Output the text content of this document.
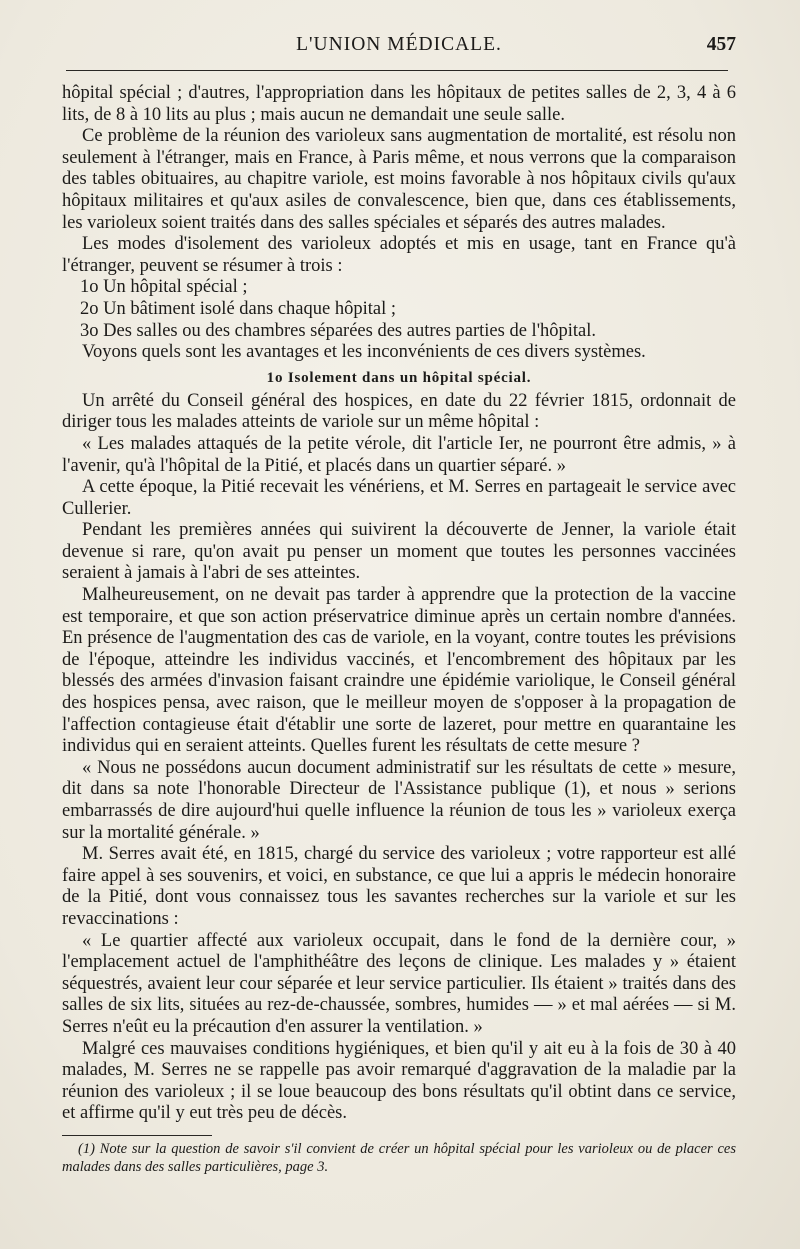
L'UNION MÉDICALE.	457

hôpital spécial ; d'autres, l'appropriation dans les hôpitaux de petites salles de 2, 3, 4 à 6 lits, de 8 à 10 lits au plus ; mais aucun ne demandait une seule salle.

Ce problème de la réunion des varioleux sans augmentation de mortalité, est résolu non seulement à l'étranger, mais en France, à Paris même, et nous verrons que la comparaison des tables obituaires, au chapitre variole, est moins favorable à nos hôpitaux civils qu'aux hôpitaux militaires et qu'aux asiles de convalescence, bien que, dans ces établissements, les varioleux soient traités dans des salles spéciales et séparés des autres malades.

Les modes d'isolement des varioleux adoptés et mis en usage, tant en France qu'à l'étranger, peuvent se résumer à trois :

1o Un hôpital spécial ;

2o Un bâtiment isolé dans chaque hôpital ;

3o Des salles ou des chambres séparées des autres parties de l'hôpital.

Voyons quels sont les avantages et les inconvénients de ces divers systèmes.

1o Isolement dans un hôpital spécial.

Un arrêté du Conseil général des hospices, en date du 22 février 1815, ordonnait de diriger tous les malades atteints de variole sur un même hôpital :

« Les malades attaqués de la petite vérole, dit l'article Ier, ne pourront être admis, » à l'avenir, qu'à l'hôpital de la Pitié, et placés dans un quartier séparé. »

A cette époque, la Pitié recevait les vénériens, et M. Serres en partageait le service avec Cullerier.

Pendant les premières années qui suivirent la découverte de Jenner, la variole était devenue si rare, qu'on avait pu penser un moment que toutes les personnes vaccinées seraient à jamais à l'abri de ses atteintes.

Malheureusement, on ne devait pas tarder à apprendre que la protection de la vaccine est temporaire, et que son action préservatrice diminue après un certain nombre d'années. En présence de l'augmentation des cas de variole, en la voyant, contre toutes les prévisions de l'époque, atteindre les individus vaccinés, et l'encombrement des hôpitaux par les blessés des armées d'invasion faisant craindre une épidémie variolique, le Conseil général des hospices pensa, avec raison, que le meilleur moyen de s'opposer à la propagation de l'affection contagieuse était d'établir une sorte de lazeret, pour mettre en quarantaine les individus qui en seraient atteints. Quelles furent les résultats de cette mesure ?

« Nous ne possédons aucun document administratif sur les résultats de cette » mesure, dit dans sa note l'honorable Directeur de l'Assistance publique (1), et nous » serions embarrassés de dire aujourd'hui quelle influence la réunion de tous les » varioleux exerça sur la mortalité générale. »

M. Serres avait été, en 1815, chargé du service des varioleux ; votre rapporteur est allé faire appel à ses souvenirs, et voici, en substance, ce que lui a appris le médecin honoraire de la Pitié, dont vous connaissez tous les savantes recherches sur la variole et sur les revaccinations :

« Le quartier affecté aux varioleux occupait, dans le fond de la dernière cour, » l'emplacement actuel de l'amphithéâtre des leçons de clinique. Les malades y » étaient séquestrés, avaient leur cour séparée et leur service particulier. Ils étaient » traités dans des salles de six lits, situées au rez-de-chaussée, sombres, humides — » et mal aérées — si M. Serres n'eût eu la précaution d'en assurer la ventilation. »

Malgré ces mauvaises conditions hygiéniques, et bien qu'il y ait eu à la fois de 30 à 40 malades, M. Serres ne se rappelle pas avoir remarqué d'aggravation de la maladie par la réunion des varioleux ; il se loue beaucoup des bons résultats qu'il obtint dans ce service, et affirme qu'il y eut très peu de décès.

(1) Note sur la question de savoir s'il convient de créer un hôpital spécial pour les varioleux ou de placer ces malades dans des salles particulières, page 3.
